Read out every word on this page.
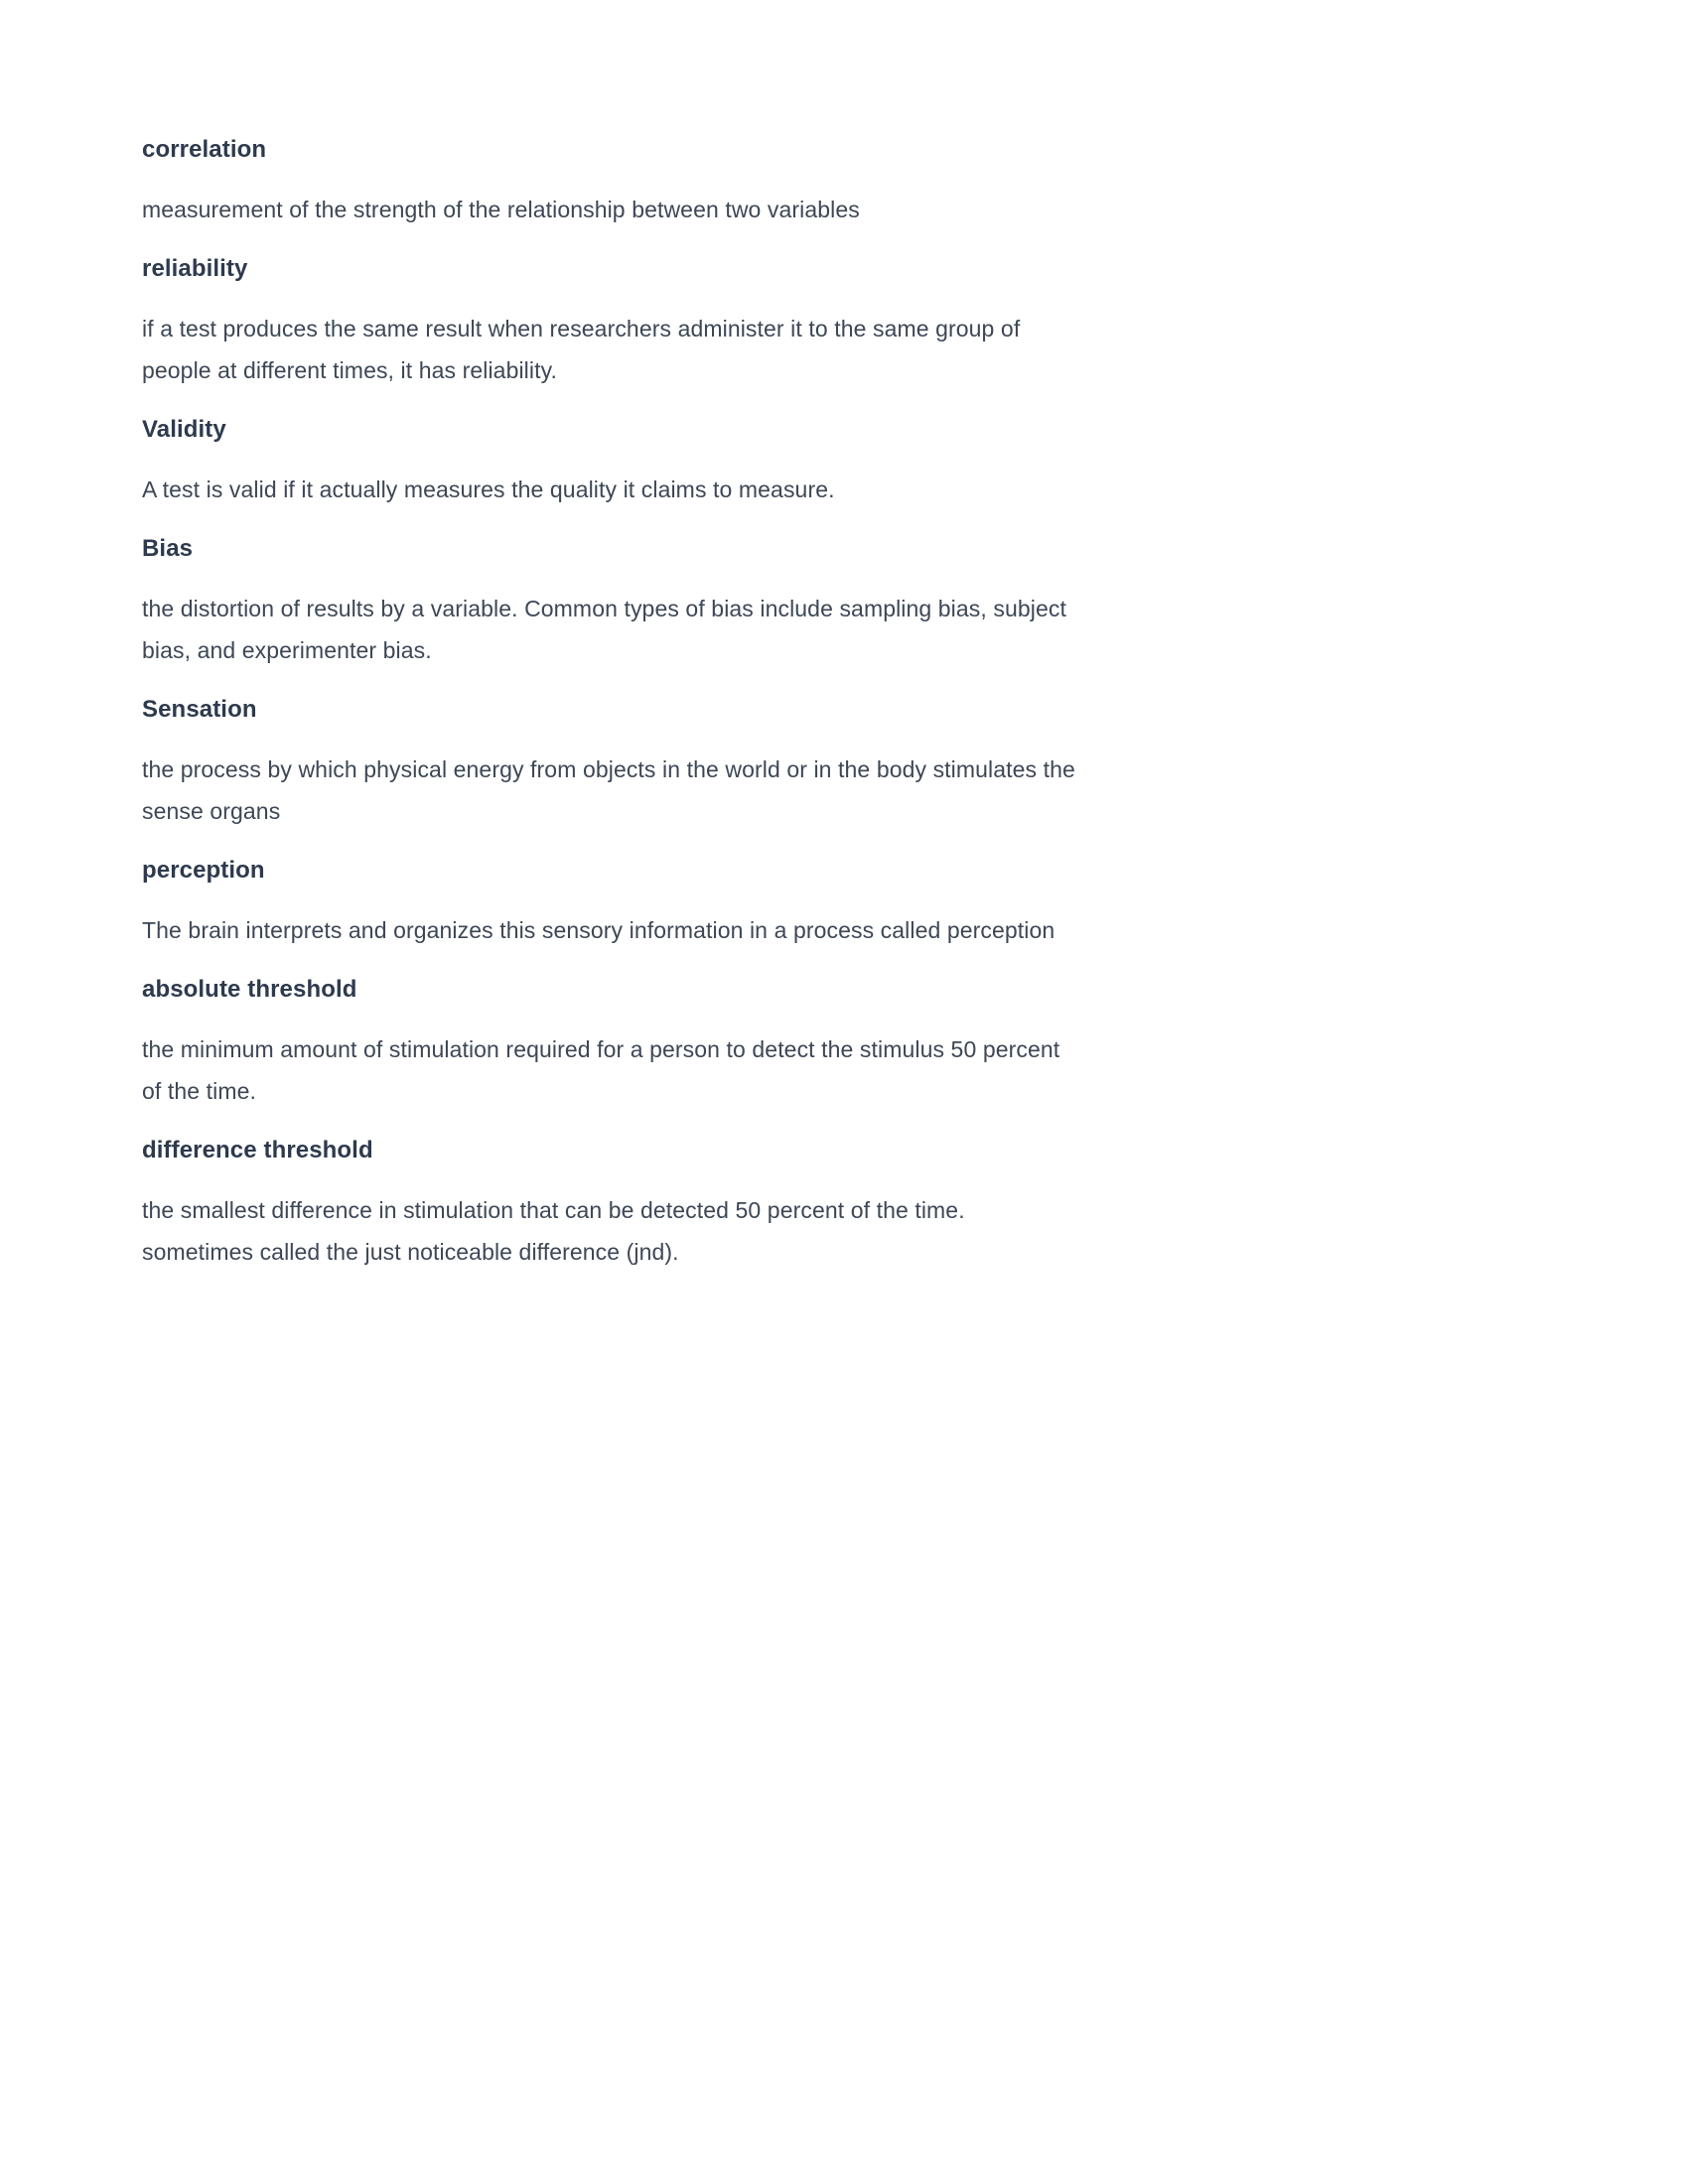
correlation

measurement of the strength of the relationship between two variables

reliability

if a test produces the same result when researchers administer it to the same group of people at different times, it has reliability.

Validity

A test is valid if it actually measures the quality it claims to measure.

Bias

the distortion of results by a variable. Common types of bias include sampling bias, subject bias, and experimenter bias.

Sensation

the process by which physical energy from objects in the world or in the body stimulates the sense organs

perception

The brain interprets and organizes this sensory information in a process called perception

absolute threshold

the minimum amount of stimulation required for a person to detect the stimulus 50 percent of the time.

difference threshold

the smallest difference in stimulation that can be detected 50 percent of the time. sometimes called the just noticeable difference (jnd).
